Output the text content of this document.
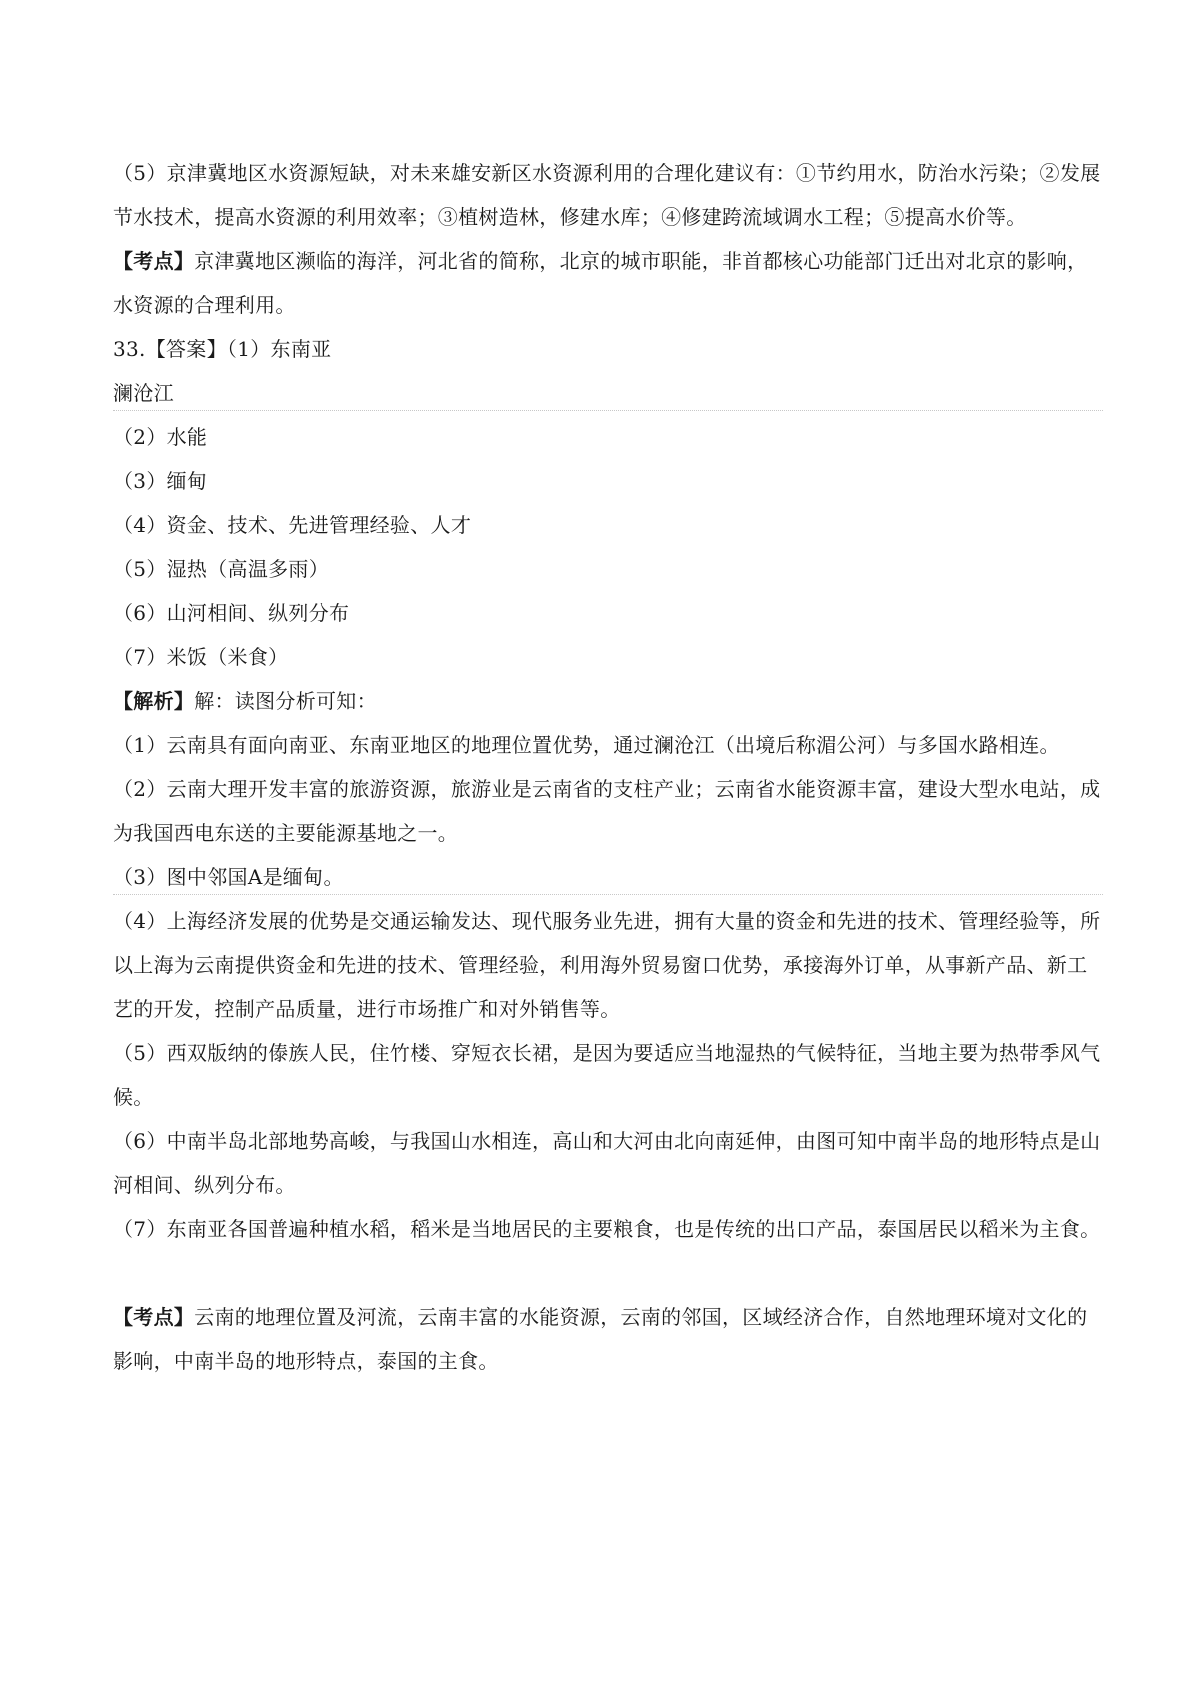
（5）京津冀地区水资源短缺，对未来雄安新区水资源利用的合理化建议有：①节约用水，防治水污染；②发展节水技术，提高水资源的利用效率；③植树造林，修建水库；④修建跨流域调水工程；⑤提高水价等。
【考点】京津冀地区濒临的海洋，河北省的简称，北京的城市职能，非首都核心功能部门迁出对北京的影响，水资源的合理利用。
33.【答案】（1）东南亚
澜沧江
（2）水能
（3）缅甸
（4）资金、技术、先进管理经验、人才
（5）湿热（高温多雨）
（6）山河相间、纵列分布
（7）米饭（米食）
【解析】解：读图分析可知：
（1）云南具有面向南亚、东南亚地区的地理位置优势，通过澜沧江（出境后称湄公河）与多国水路相连。
（2）云南大理开发丰富的旅游资源，旅游业是云南省的支柱产业；云南省水能资源丰富，建设大型水电站，成为我国西电东送的主要能源基地之一。
（3）图中邻国A是缅甸。
（4）上海经济发展的优势是交通运输发达、现代服务业先进，拥有大量的资金和先进的技术、管理经验等，所以上海为云南提供资金和先进的技术、管理经验，利用海外贸易窗口优势，承接海外订单，从事新产品、新工艺的开发，控制产品质量，进行市场推广和对外销售等。
（5）西双版纳的傣族人民，住竹楼、穿短衣长裙，是因为要适应当地湿热的气候特征，当地主要为热带季风气候。
（6）中南半岛北部地势高峻，与我国山水相连，高山和大河由北向南延伸，由图可知中南半岛的地形特点是山河相间、纵列分布。
（7）东南亚各国普遍种植水稻，稻米是当地居民的主要粮食，也是传统的出口产品，泰国居民以稻米为主食。
【考点】云南的地理位置及河流，云南丰富的水能资源，云南的邻国，区域经济合作，自然地理环境对文化的影响，中南半岛的地形特点，泰国的主食。
